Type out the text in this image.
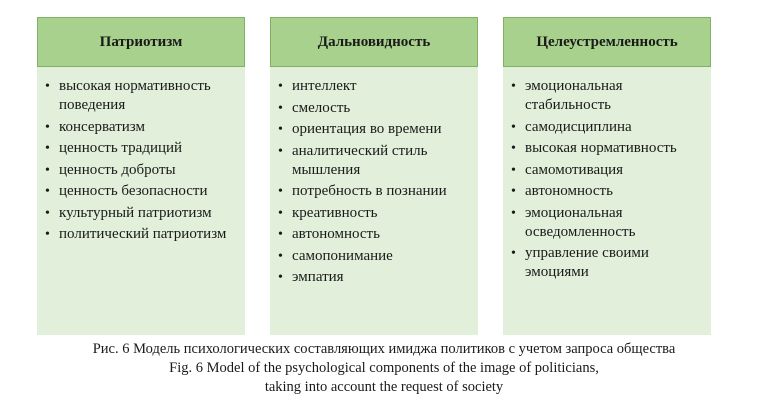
Патриотизм
• высокая нормативность поведения
• консерватизм
• ценность традиций
• ценность доброты
• ценность безопасности
• культурный патриотизм
• политический патриотизм
Дальновидность
• интеллект
• смелость
• ориентация во времени
• аналитический стиль мышления
• потребность в познании
• креативность
• автономность
• самопонимание
• эмпатия
Целеустремленность
• эмоциональная стабильность
• самодисциплина
• высокая нормативность
• самомотивация
• автономность
• эмоциональная осведомленность
• управление своими эмоциями
Рис. 6 Модель психологических составляющих имиджа политиков с учетом запроса общества
Fig. 6 Model of the psychological components of the image of politicians,
taking into account the request of society
